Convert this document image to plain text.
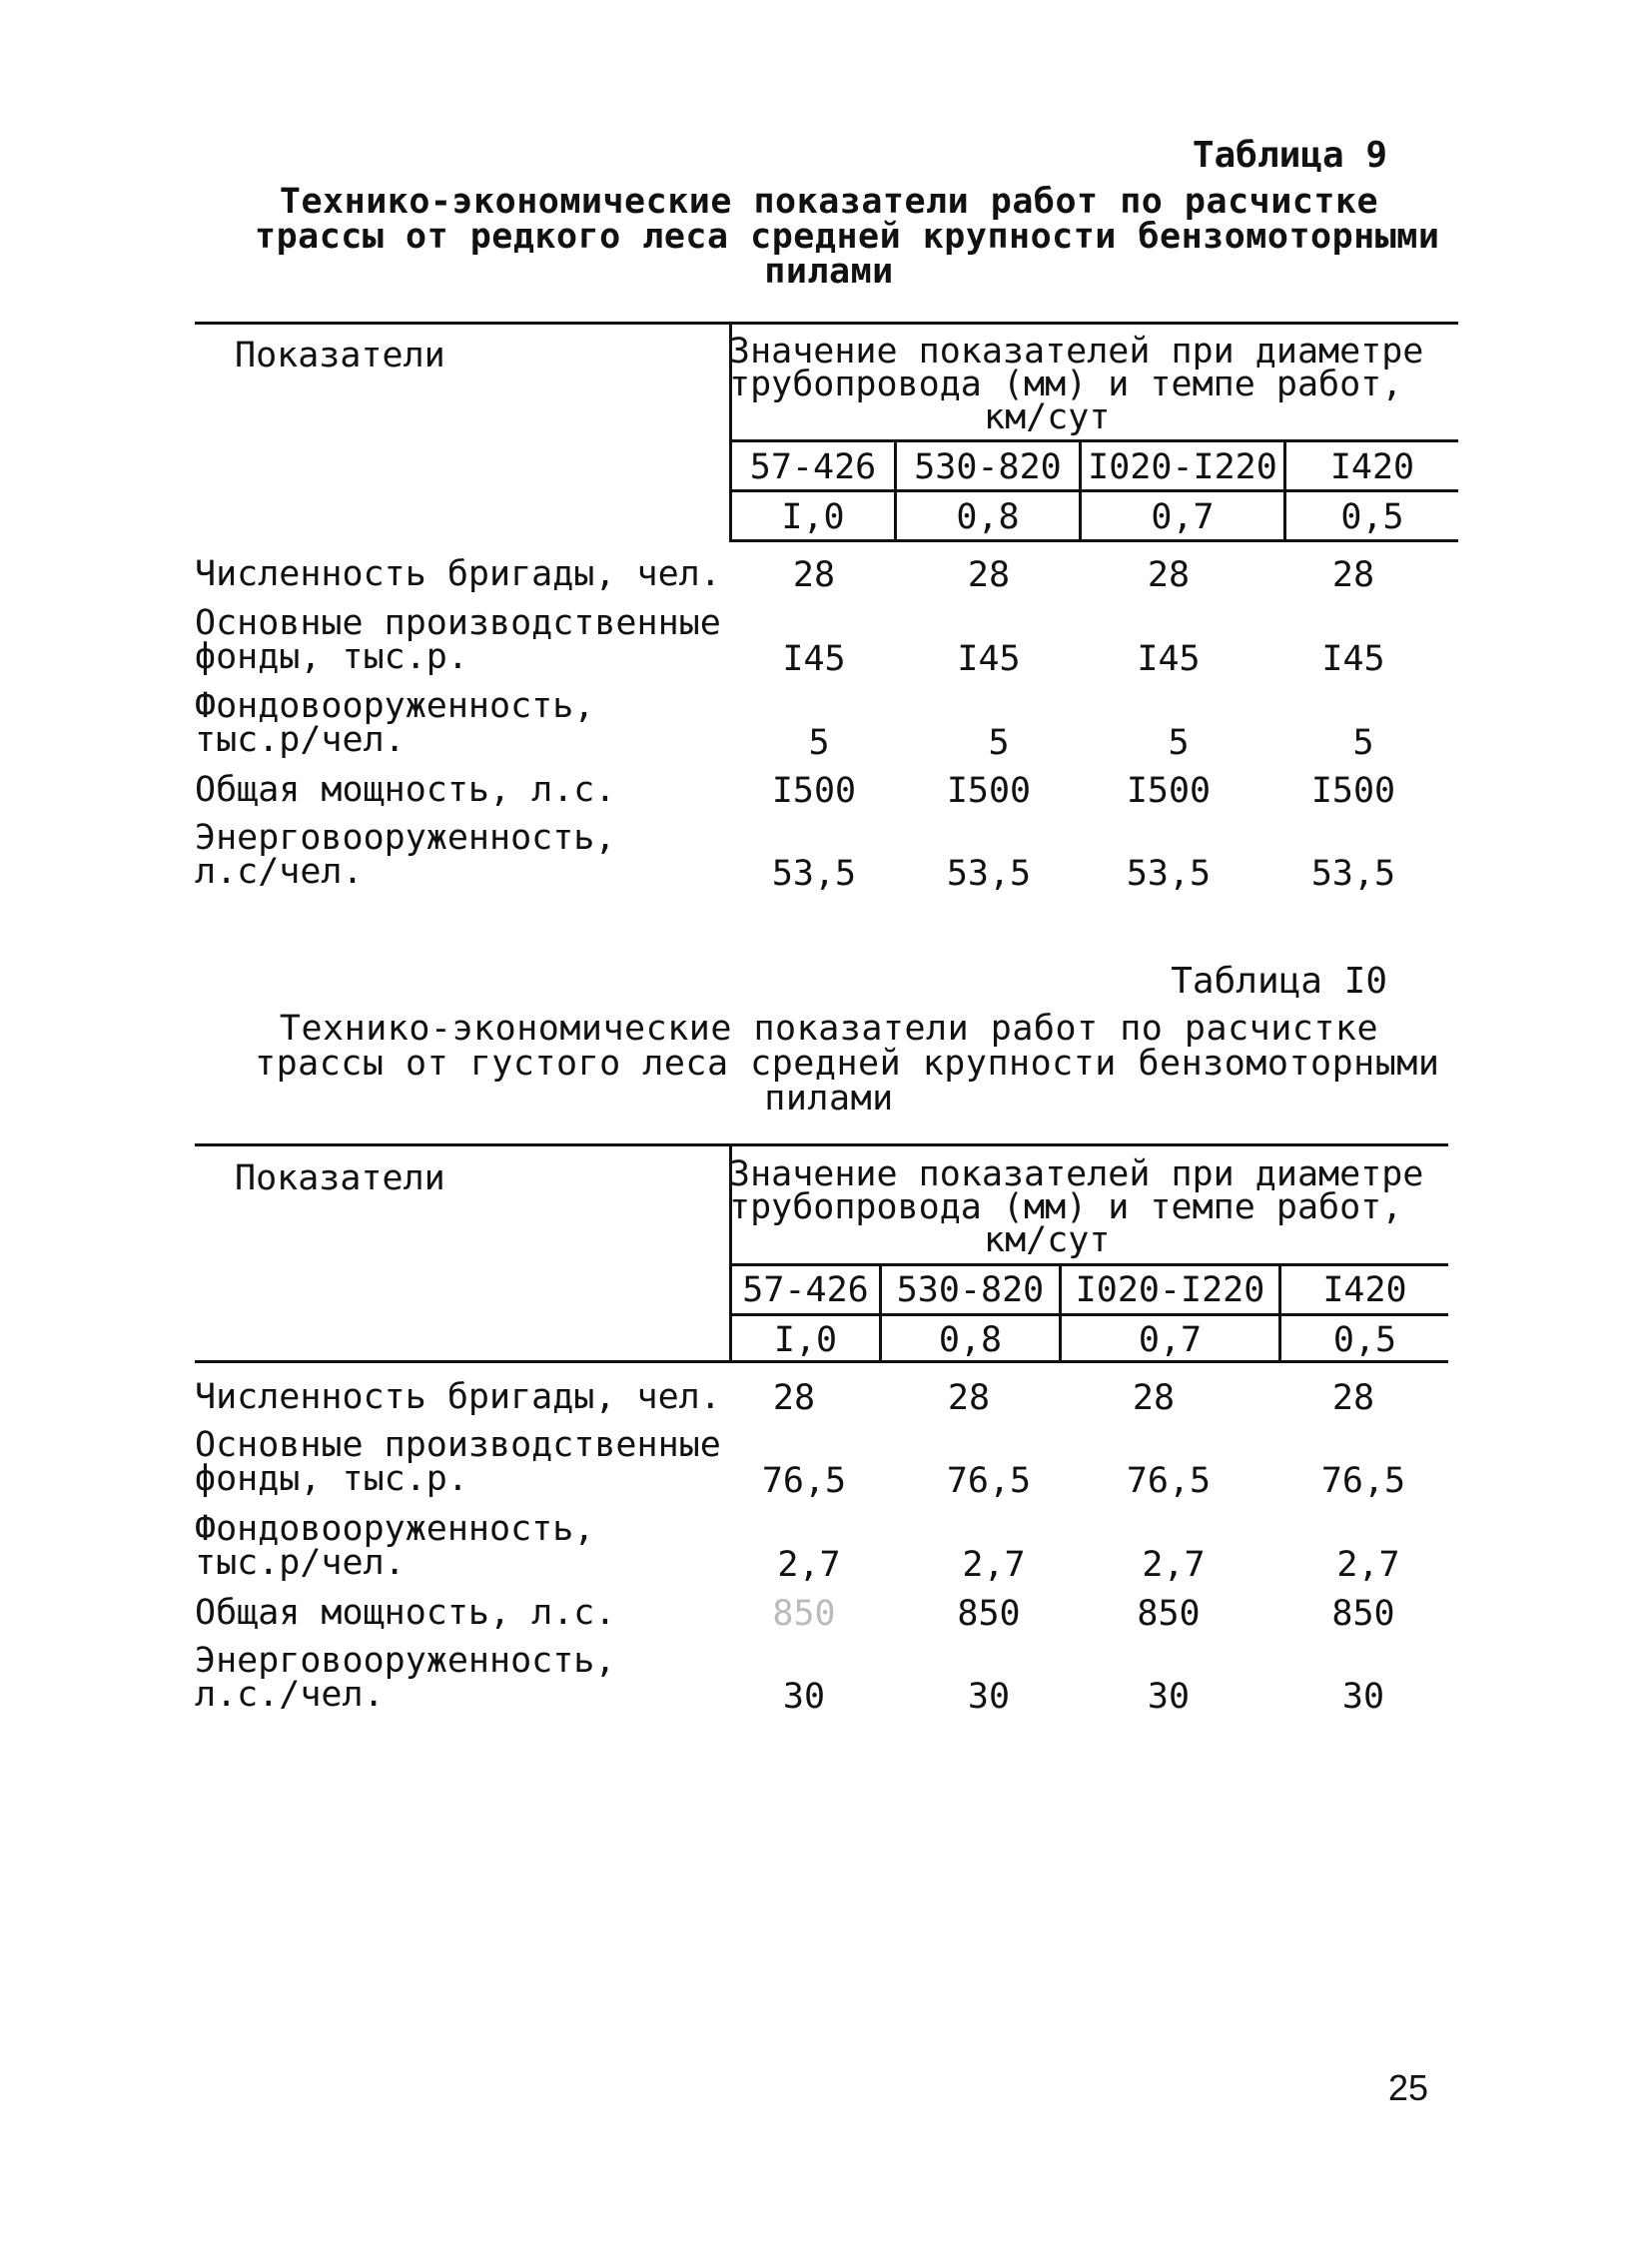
Таблица 9
Технико-экономические показатели работ по расчистке
трассы от редкого леса средней крупности бензомоторными
пилами
Показатели	Значение показателей при диаметре
трубопровода (мм) и темпе работ,
км/сут
57-426	530-820 I020-I220	I420
I,0	0,8	0,7	0,5
Численность бригады, чел.	28	28	28	28
Основные производственные
фонды, тыс.р.	I45	I45	I45	I45
Фондовооруженность,
тыс.р/чел.	5	5	5	5
Общая мощность, л.с.	I500	I500	I500	I500
Энерговооруженность,
л.с/чел.	53,5	53,5	53,5	53,5
Таблица I0
Технико-экономические показатели работ по расчистке
трассы от густого леса средней крупности бензомоторными
пилами
Показатели	Значение показателей при диаметре
трубопровода (мм) и темпе работ,
км/сут
57-426 530-820 I020-I220	I420
I,0	0,8	0,7	0,5
Численность бригады, чел.	28	28	28	28
Основные производственные
фонды, тыс.р.	76,5	76,5	76,5	76,5
Фондовооруженность,
тыс.р/чел.	2,7	2,7	2,7	2,7
Общая мощность, л.с.	850	850	850	850
Энерговооруженность,
л.с./чел.	30	30	30	30
25
